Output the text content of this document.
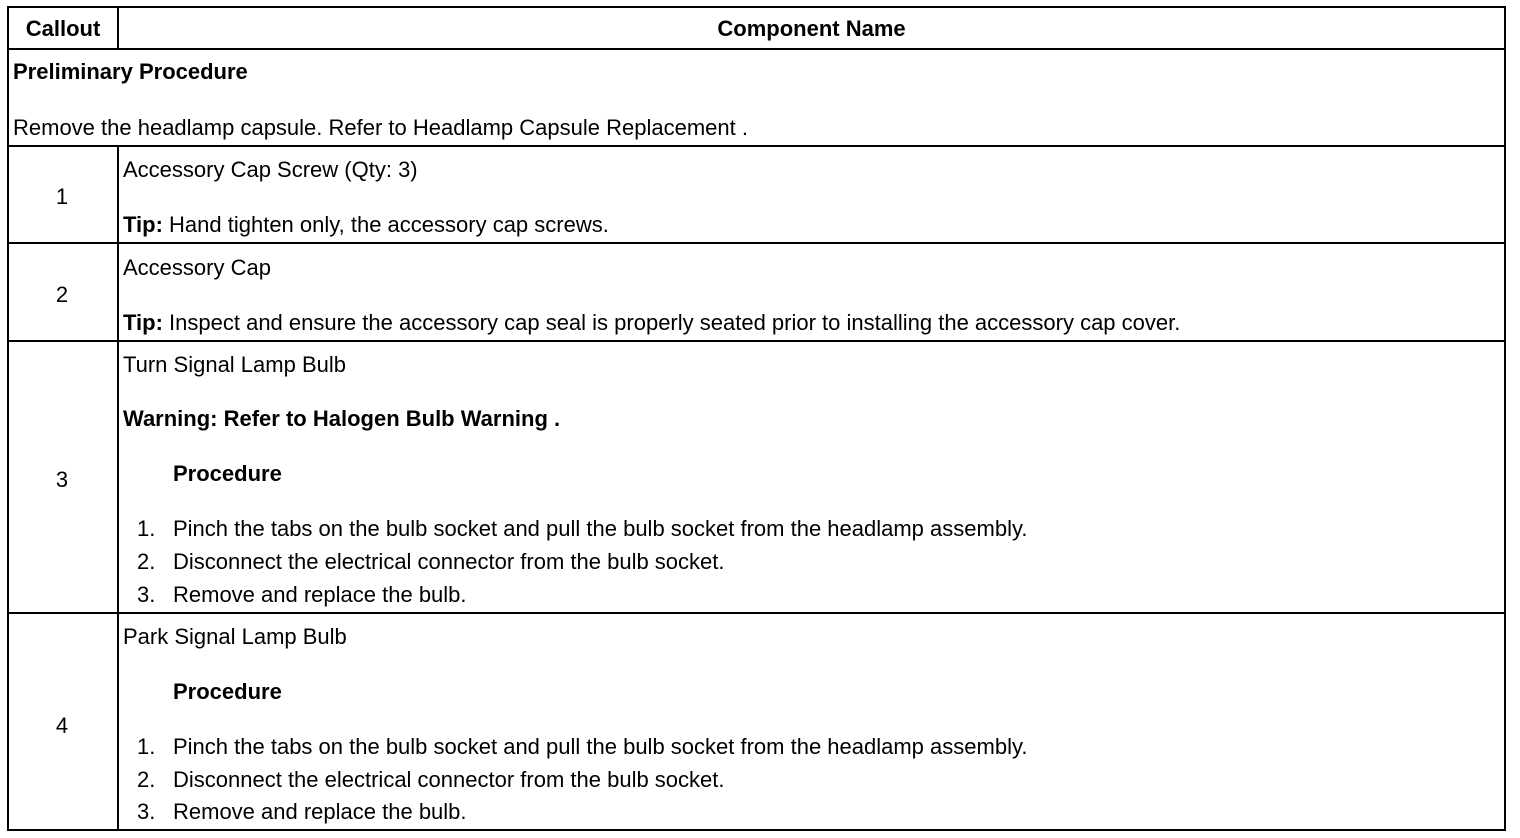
Callout	Component Name
Preliminary Procedure
Remove the headlamp capsule. Refer to Headlamp Capsule Replacement .
1
Accessory Cap Screw (Qty: 3)
Tip: Hand tighten only, the accessory cap screws.
2
Accessory Cap
Tip: Inspect and ensure the accessory cap seal is properly seated prior to installing the accessory cap cover.
3
Turn Signal Lamp Bulb
Warning: Refer to Halogen Bulb Warning .
Procedure
1. Pinch the tabs on the bulb socket and pull the bulb socket from the headlamp assembly.
2. Disconnect the electrical connector from the bulb socket.
3. Remove and replace the bulb.
4
Park Signal Lamp Bulb
Procedure
1. Pinch the tabs on the bulb socket and pull the bulb socket from the headlamp assembly.
2. Disconnect the electrical connector from the bulb socket.
3. Remove and replace the bulb.
